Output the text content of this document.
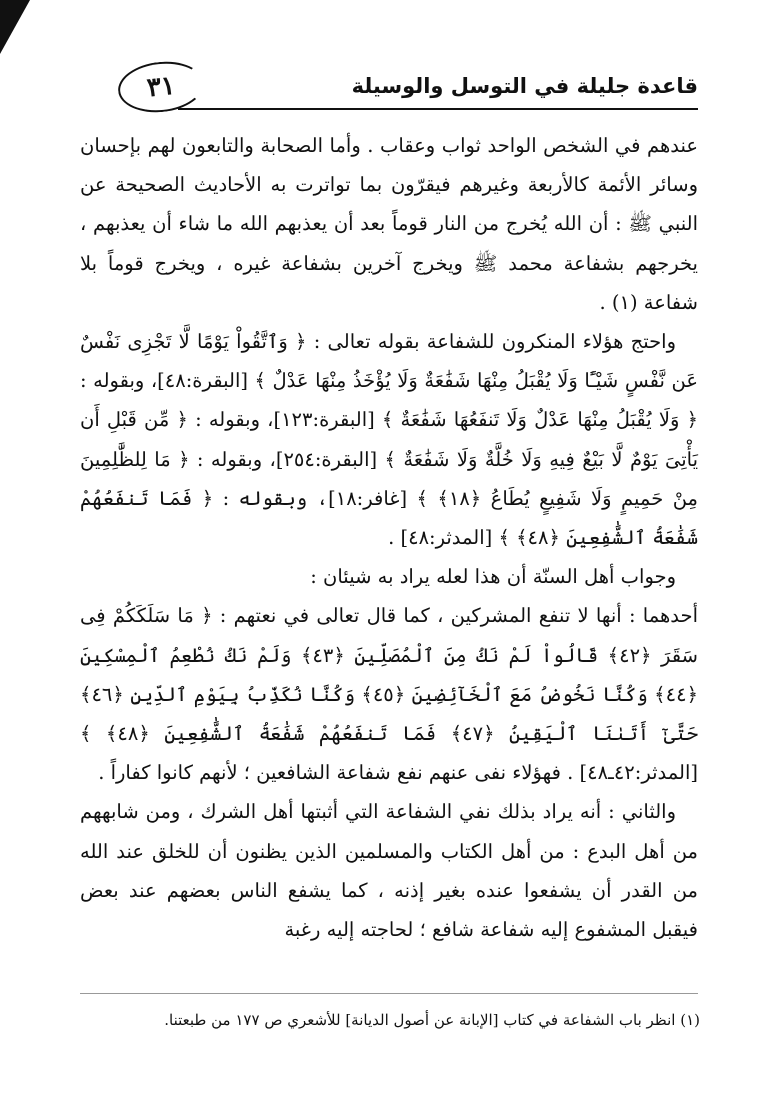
قاعدة جليلة في التوسل والوسيلة
٣١

عندهم في الشخص الواحد ثواب وعقاب . وأما الصحابة والتابعون لهم بإحسان وسائر الأئمة كالأربعة وغيرهم فيقرّون بما تواترت به الأحاديث الصحيحة عن النبي ﷺ : أن الله يُخرج من النار قوماً بعد أن يعذبهم الله ما شاء أن يعذبهم ، يخرجهم بشفاعة محمد ﷺ ويخرج آخرين بشفاعة غيره ، ويخرج قوماً بلا شفاعة (١) .

واحتج هؤلاء المنكرون للشفاعة بقوله تعالى : ﴿ وَٱتَّقُواْ يَوْمًا لَّا تَجْزِى نَفْسٌ عَن نَّفْسٍ شَيْـًٔا وَلَا يُقْبَلُ مِنْهَا شَفَٰعَةٌ وَلَا يُؤْخَذُ مِنْهَا عَدْلٌ ﴾ [البقرة:٤٨]، وبقوله : ﴿ وَلَا يُقْبَلُ مِنْهَا عَدْلٌ وَلَا تَنفَعُهَا شَفَٰعَةٌ ﴾ [البقرة:١٢٣]، وبقوله : ﴿ مِّن قَبْلِ أَن يَأْتِىَ يَوْمٌ لَّا بَيْعٌ فِيهِ وَلَا خُلَّةٌ وَلَا شَفَٰعَةٌ ﴾ [البقرة:٢٥٤]، وبقوله : ﴿ مَا لِلظَّٰلِمِينَ مِنْ حَمِيمٍ وَلَا شَفِيعٍ يُطَاعُ ﴿١٨﴾ ﴾ [غافر:١٨]، وبقوله : ﴿ فَمَا تَنفَعُهُمْ شَفَٰعَةُ ٱلشَّٰفِعِينَ ﴿٤٨﴾ ﴾ [المدثر:٤٨] .

وجواب أهل السنّة أن هذا لعله يراد به شيئان :

أحدهما : أنها لا تنفع المشركين ، كما قال تعالى في نعتهم : ﴿ مَا سَلَكَكُمْ فِى سَقَرَ ﴿٤٢﴾ قَالُواْ لَمْ نَكُ مِنَ ٱلْمُصَلِّينَ ﴿٤٣﴾ وَلَمْ نَكُ نُطْعِمُ ٱلْمِسْكِينَ ﴿٤٤﴾ وَكُنَّا نَخُوضُ مَعَ ٱلْخَآئِضِينَ ﴿٤٥﴾ وَكُنَّا نُكَذِّبُ بِيَوْمِ ٱلدِّينِ ﴿٤٦﴾ حَتَّىٰٓ أَتَىٰنَا ٱلْيَقِينُ ﴿٤٧﴾ فَمَا تَنفَعُهُمْ شَفَٰعَةُ ٱلشَّٰفِعِينَ ﴿٤٨﴾ ﴾ [المدثر:٤٢ـ٤٨] . فهؤلاء نفى عنهم نفع شفاعة الشافعين ؛ لأنهم كانوا كفاراً .

والثاني : أنه يراد بذلك نفي الشفاعة التي أثبتها أهل الشرك ، ومن شابههم من أهل البدع : من أهل الكتاب والمسلمين الذين يظنون أن للخلق عند الله من القدر أن يشفعوا عنده بغير إذنه ، كما يشفع الناس بعضهم عند بعض فيقبل المشفوع إليه شفاعة شافع ؛ لحاجته إليه رغبة

(١) انظر باب الشفاعة في كتاب [الإبانة عن أصول الديانة] للأشعري ص ١٧٧ من طبعتنا.
